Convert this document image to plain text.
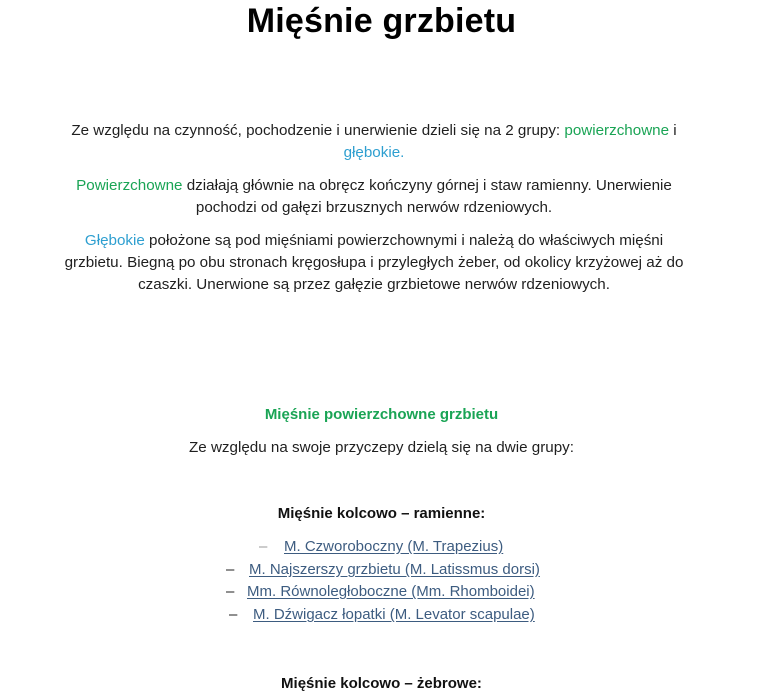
Mięśnie grzbietu
Ze względu na czynność, pochodzenie i unerwienie dzieli się na 2 grupy: powierzchowne i
głębokie.
Powierzchowne działają głównie na obręcz kończyny górnej i staw ramienny. Unerwienie pochodzi od gałęzi brzusznych nerwów rdzeniowych.
Głębokie położone są pod mięśniami powierzchownymi i należą do właściwych mięśni grzbietu. Biegną po obu stronach kręgosłupa i przyległych żeber, od okolicy krzyżowej aż do czaszki. Unerwione są przez gałęzie grzbietowe nerwów rdzeniowych.
Mięśnie powierzchowne grzbietu
Ze względu na swoje przyczepy dzielą się na dwie grupy:
Mięśnie kolcowo – ramienne:
– M. Czworoboczny (M. Trapezius)
– M. Najszerszy grzbietu (M. Latissmus dorsi)
– Mm. Równoległoboczne (Mm. Rhomboidei)
– M. Dźwigacz łopatki (M. Levator scapulae)
Mięśnie kolcowo – żebrowe:
